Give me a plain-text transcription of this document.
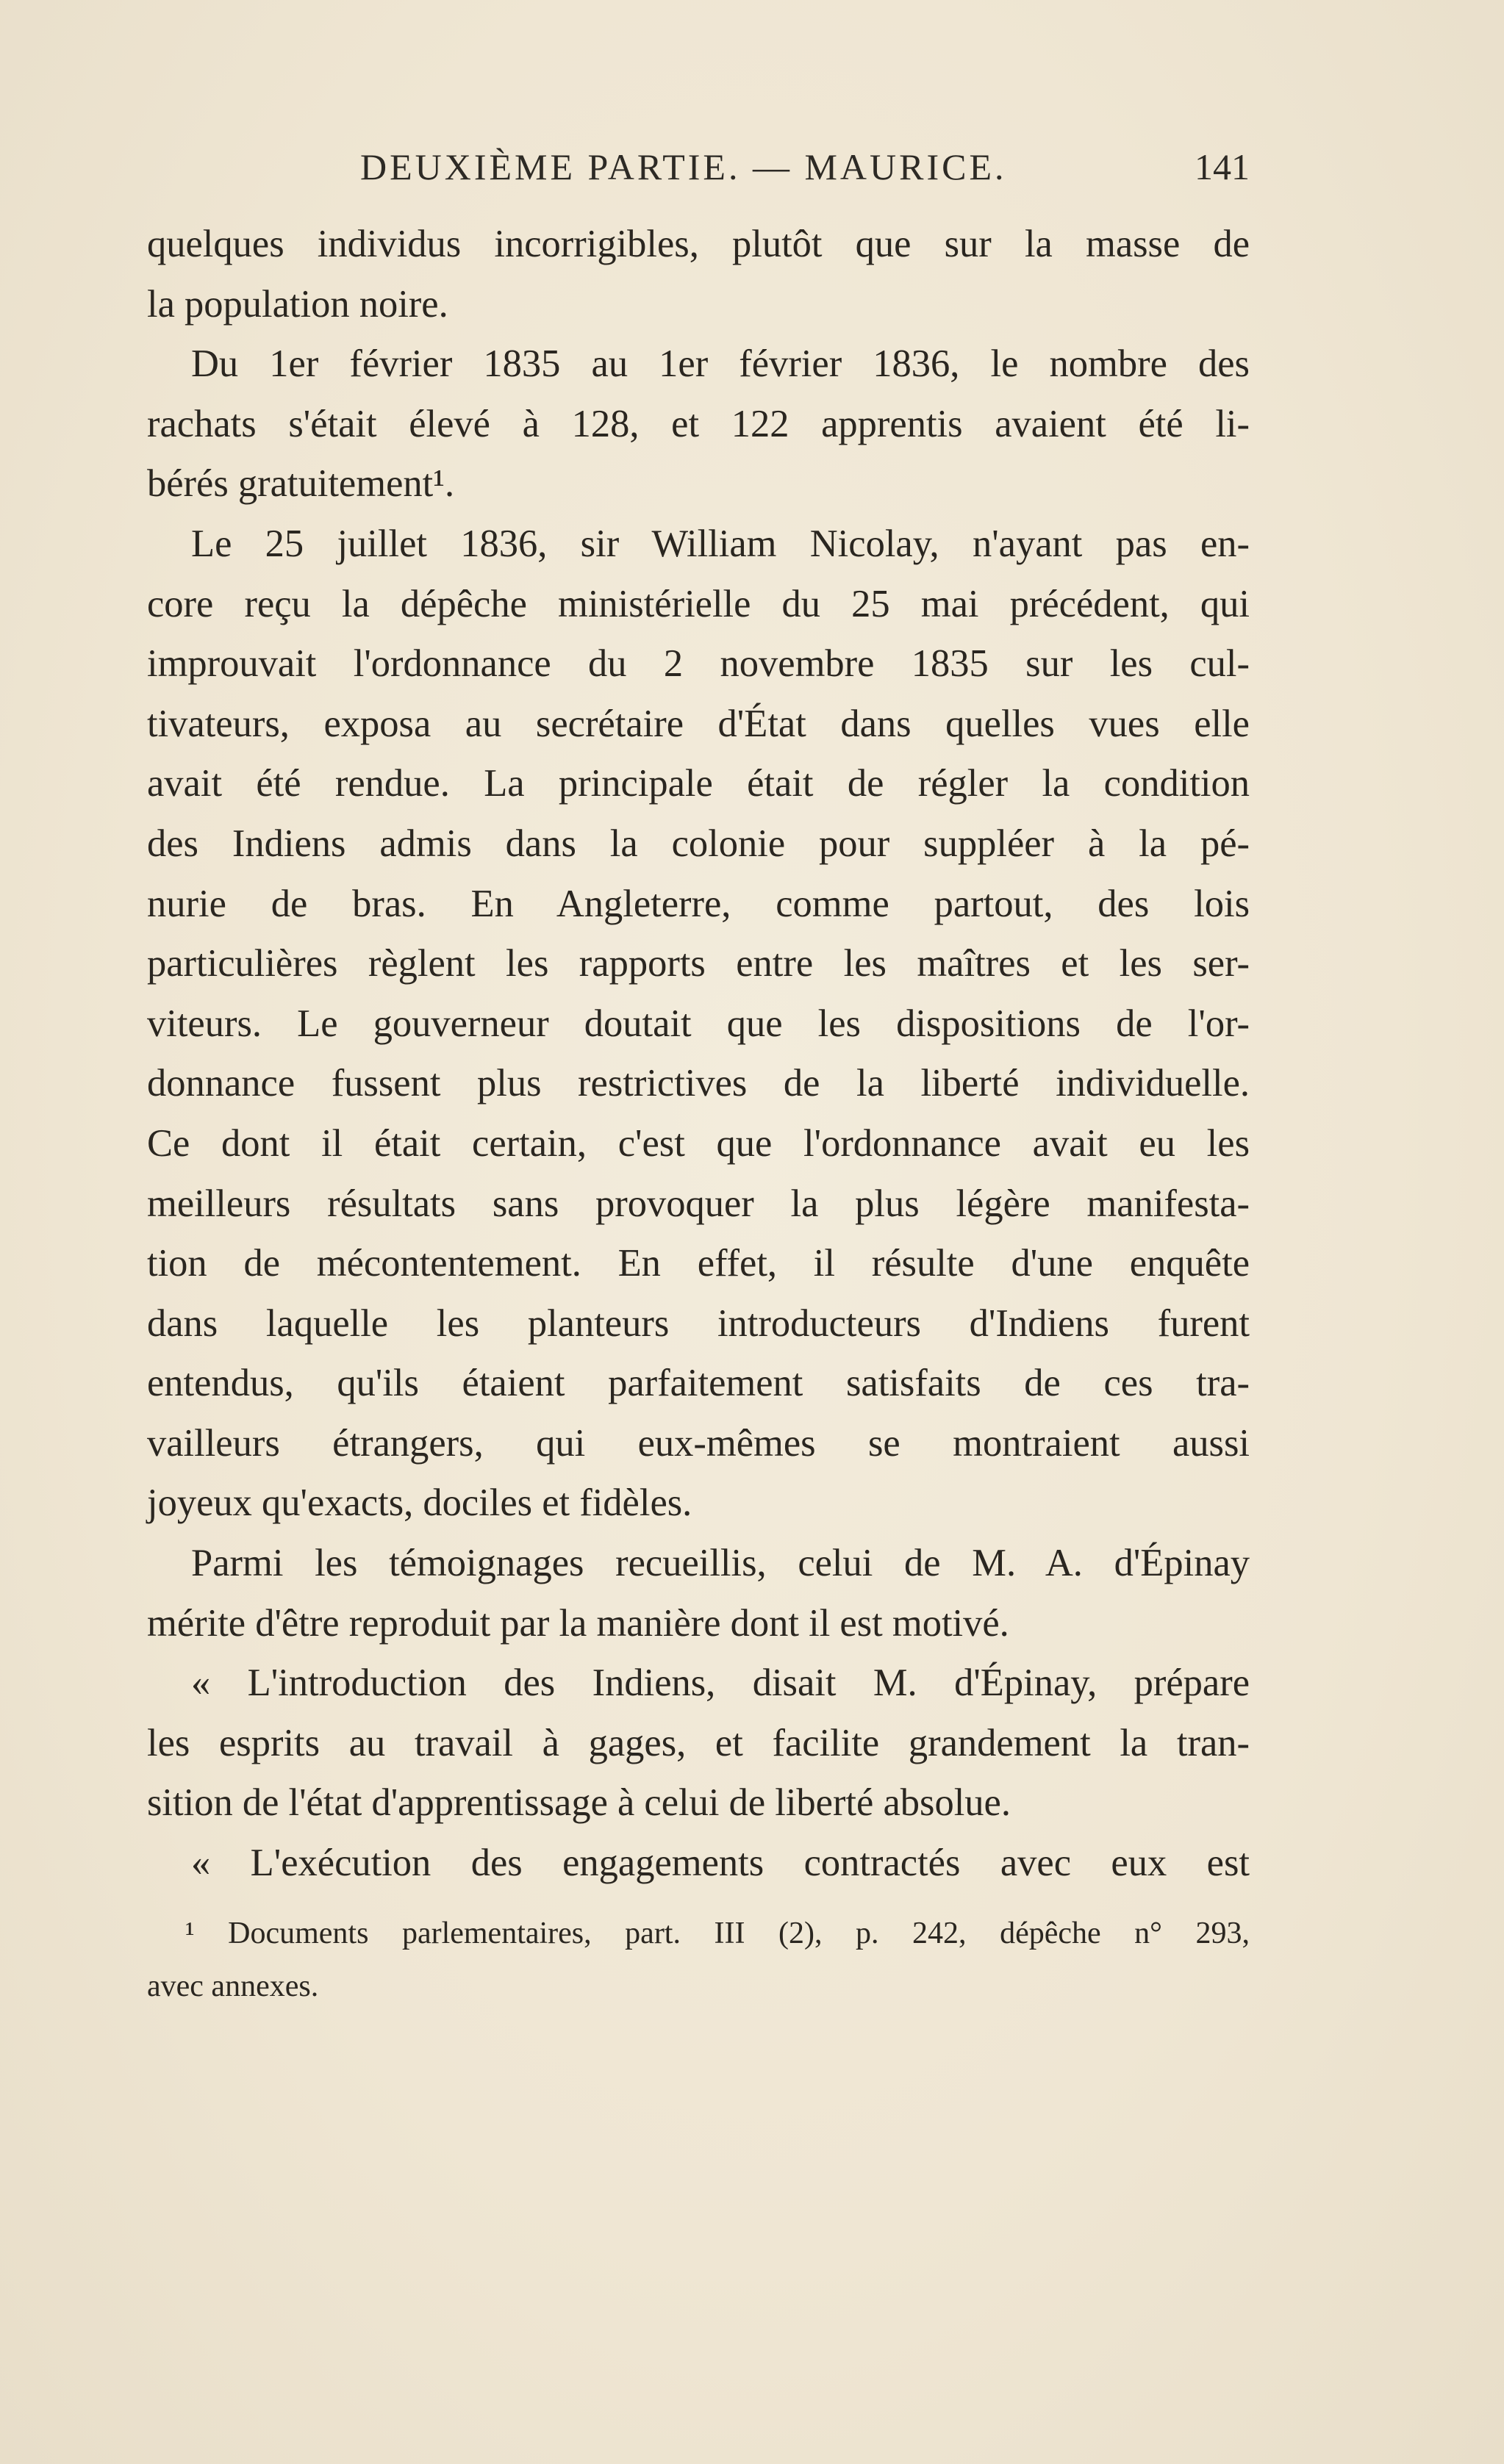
DEUXIÈME PARTIE. — MAURICE.	141
quelques individus incorrigibles, plutôt que sur la masse de
la population noire.
Du 1er février 1835 au 1er février 1836, le nombre des
rachats s'était élevé à 128, et 122 apprentis avaient été li-
bérés gratuitement¹.
Le 25 juillet 1836, sir William Nicolay, n'ayant pas en-
core reçu la dépêche ministérielle du 25 mai précédent, qui
improuvait l'ordonnance du 2 novembre 1835 sur les cul-
tivateurs, exposa au secrétaire d'État dans quelles vues elle
avait été rendue. La principale était de régler la condition
des Indiens admis dans la colonie pour suppléer à la pé-
nurie de bras. En Angleterre, comme partout, des lois
particulières règlent les rapports entre les maîtres et les ser-
viteurs. Le gouverneur doutait que les dispositions de l'or-
donnance fussent plus restrictives de la liberté individuelle.
Ce dont il était certain, c'est que l'ordonnance avait eu les
meilleurs résultats sans provoquer la plus légère manifesta-
tion de mécontentement. En effet, il résulte d'une enquête
dans laquelle les planteurs introducteurs d'Indiens furent
entendus, qu'ils étaient parfaitement satisfaits de ces tra-
vailleurs étrangers, qui eux-mêmes se montraient aussi
joyeux qu'exacts, dociles et fidèles.
Parmi les témoignages recueillis, celui de M. A. d'Épinay
mérite d'être reproduit par la manière dont il est motivé.
« L'introduction des Indiens, disait M. d'Épinay, prépare
les esprits au travail à gages, et facilite grandement la tran-
sition de l'état d'apprentissage à celui de liberté absolue.
« L'exécution des engagements contractés avec eux est
¹ Documents parlementaires, part. III (2), p. 242, dépêche n° 293,
avec annexes.
